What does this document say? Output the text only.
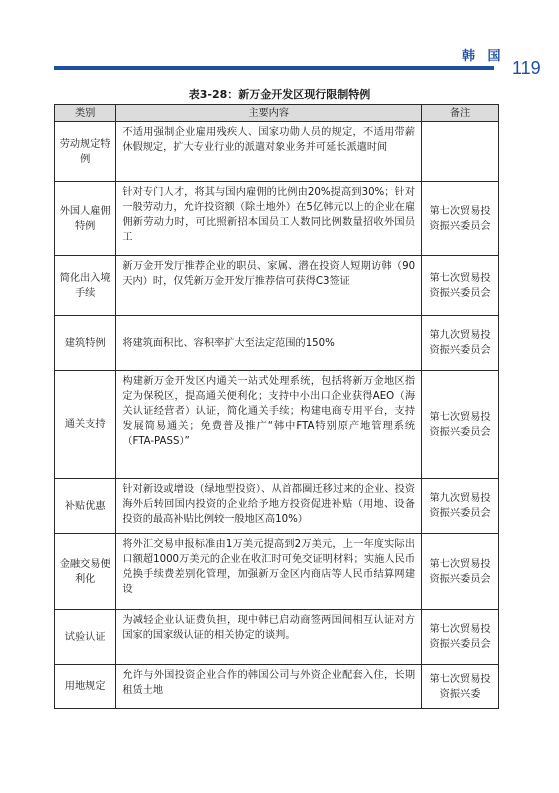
韩 国
119
表3-28：新万金开发区现行限制特例
类别	主要内容	备注
劳动规定特例	不适用强制企业雇用残疾人、国家功勋人员的规定，不适用带薪休假规定，扩大专业行业的派遣对象业务并可延长派遣时间	
外国人雇佣特例	针对专门人才，将其与国内雇佣的比例由20%提高到30%；针对一般劳动力，允许投资额（除土地外）在5亿韩元以上的企业在雇佣新劳动力时，可比照新招本国员工人数同比例数量招收外国员工	第七次贸易投资振兴委员会
简化出入境手续	新万金开发厅推荐企业的职员、家属、潜在投资人短期访韩（90天内）时，仅凭新万金开发厅推荐信可获得C3签证	第七次贸易投资振兴委员会
建筑特例	将建筑面积比、容积率扩大至法定范围的150%	第九次贸易投资振兴委员会
通关支持	构建新万金开发区内通关一站式处理系统，包括将新万金地区指定为保税区，提高通关便利化；支持中小出口企业获得AEO（海关认证经营者）认证，简化通关手续；构建电商专用平台，支持发展简易通关；免费普及推广“韩中FTA特别原产地管理系统（FTA-PASS）”	第七次贸易投资振兴委员会
补贴优惠	针对新设或增设（绿地型投资）、从首都圈迁移过来的企业、投资海外后转回国内投资的企业给予地方投资促进补贴（用地、设备投资的最高补贴比例较一般地区高10%）	第九次贸易投资振兴委员会
金融交易便利化	将外汇交易申报标准由1万美元提高到2万美元，上一年度实际出口额超1000万美元的企业在收汇时可免交证明材料；实施人民币兑换手续费差别化管理，加强新万金区内商店等人民币结算网建设	第七次贸易投资振兴委员会
试验认证	为减轻企业认证费负担，现中韩已启动商签两国间相互认证对方国家的国家级认证的相关协定的谈判。	第七次贸易投资振兴委员会
用地规定	允许与外国投资企业合作的韩国公司与外资企业配套入住，长期租赁土地	第七次贸易投资振兴委
